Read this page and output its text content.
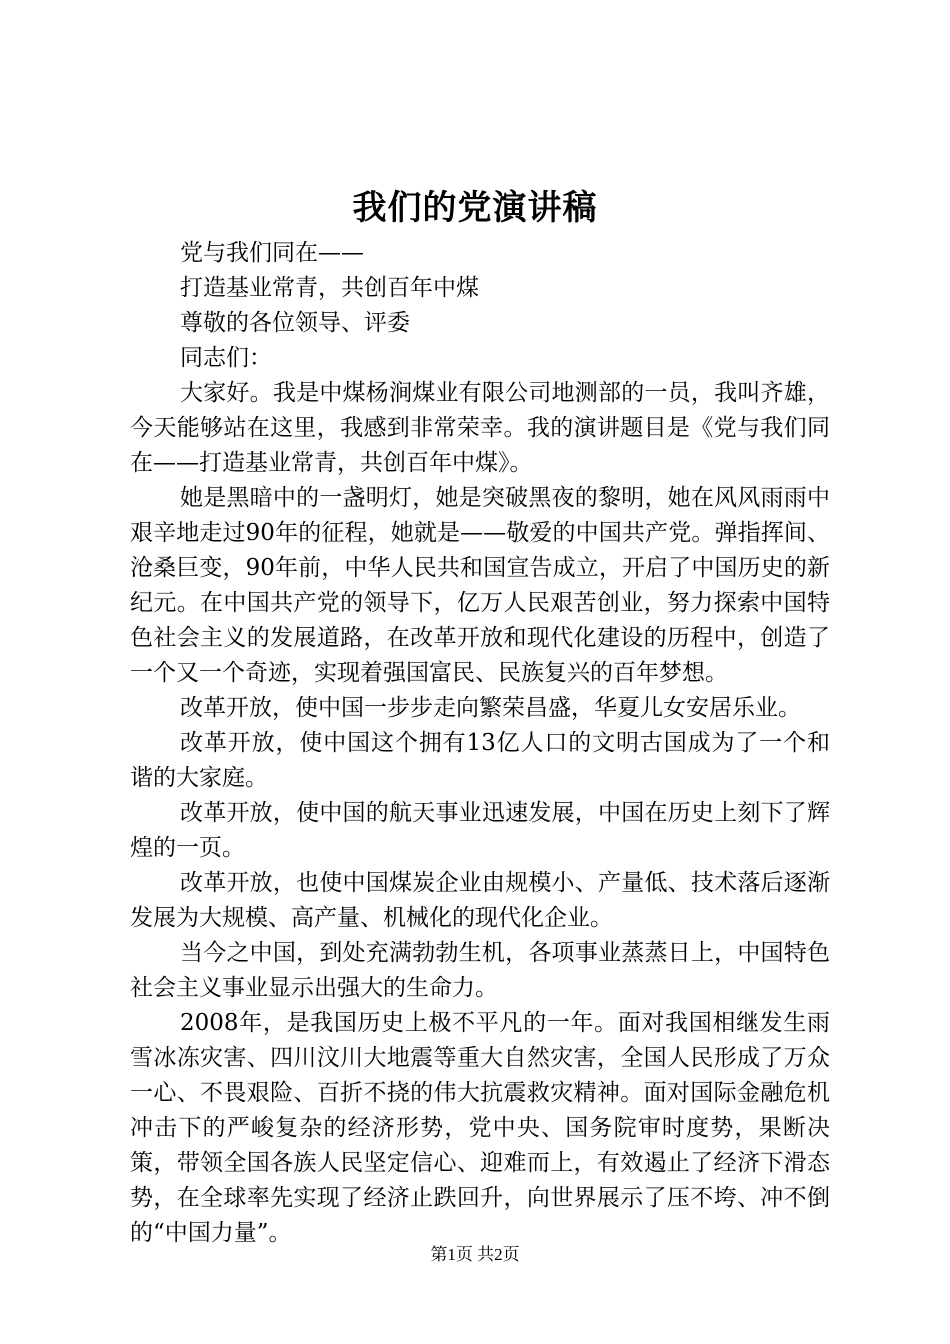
我们的党演讲稿

党与我们同在——

打造基业常青，共创百年中煤

尊敬的各位领导、评委

同志们：

大家好。我是中煤杨涧煤业有限公司地测部的一员，我叫齐雄，今天能够站在这里，我感到非常荣幸。我的演讲题目是《党与我们同在——打造基业常青，共创百年中煤》。

她是黑暗中的一盏明灯，她是突破黑夜的黎明，她在风风雨雨中艰辛地走过90年的征程，她就是——敬爱的中国共产党。弹指挥间、沧桑巨变，90年前，中华人民共和国宣告成立，开启了中国历史的新纪元。在中国共产党的领导下，亿万人民艰苦创业，努力探索中国特色社会主义的发展道路，在改革开放和现代化建设的历程中，创造了一个又一个奇迹，实现着强国富民、民族复兴的百年梦想。

改革开放，使中国一步步走向繁荣昌盛，华夏儿女安居乐业。

改革开放，使中国这个拥有13亿人口的文明古国成为了一个和谐的大家庭。

改革开放，使中国的航天事业迅速发展，中国在历史上刻下了辉煌的一页。

改革开放，也使中国煤炭企业由规模小、产量低、技术落后逐渐发展为大规模、高产量、机械化的现代化企业。

当今之中国，到处充满勃勃生机，各项事业蒸蒸日上，中国特色社会主义事业显示出强大的生命力。

2008年，是我国历史上极不平凡的一年。面对我国相继发生雨雪冰冻灾害、四川汶川大地震等重大自然灾害，全国人民形成了万众一心、不畏艰险、百折不挠的伟大抗震救灾精神。面对国际金融危机冲击下的严峻复杂的经济形势，党中央、国务院审时度势，果断决策，带领全国各族人民坚定信心、迎难而上，有效遏止了经济下滑态势，在全球率先实现了经济止跌回升，向世界展示了压不垮、冲不倒的“中国力量”。

第1页 共2页
